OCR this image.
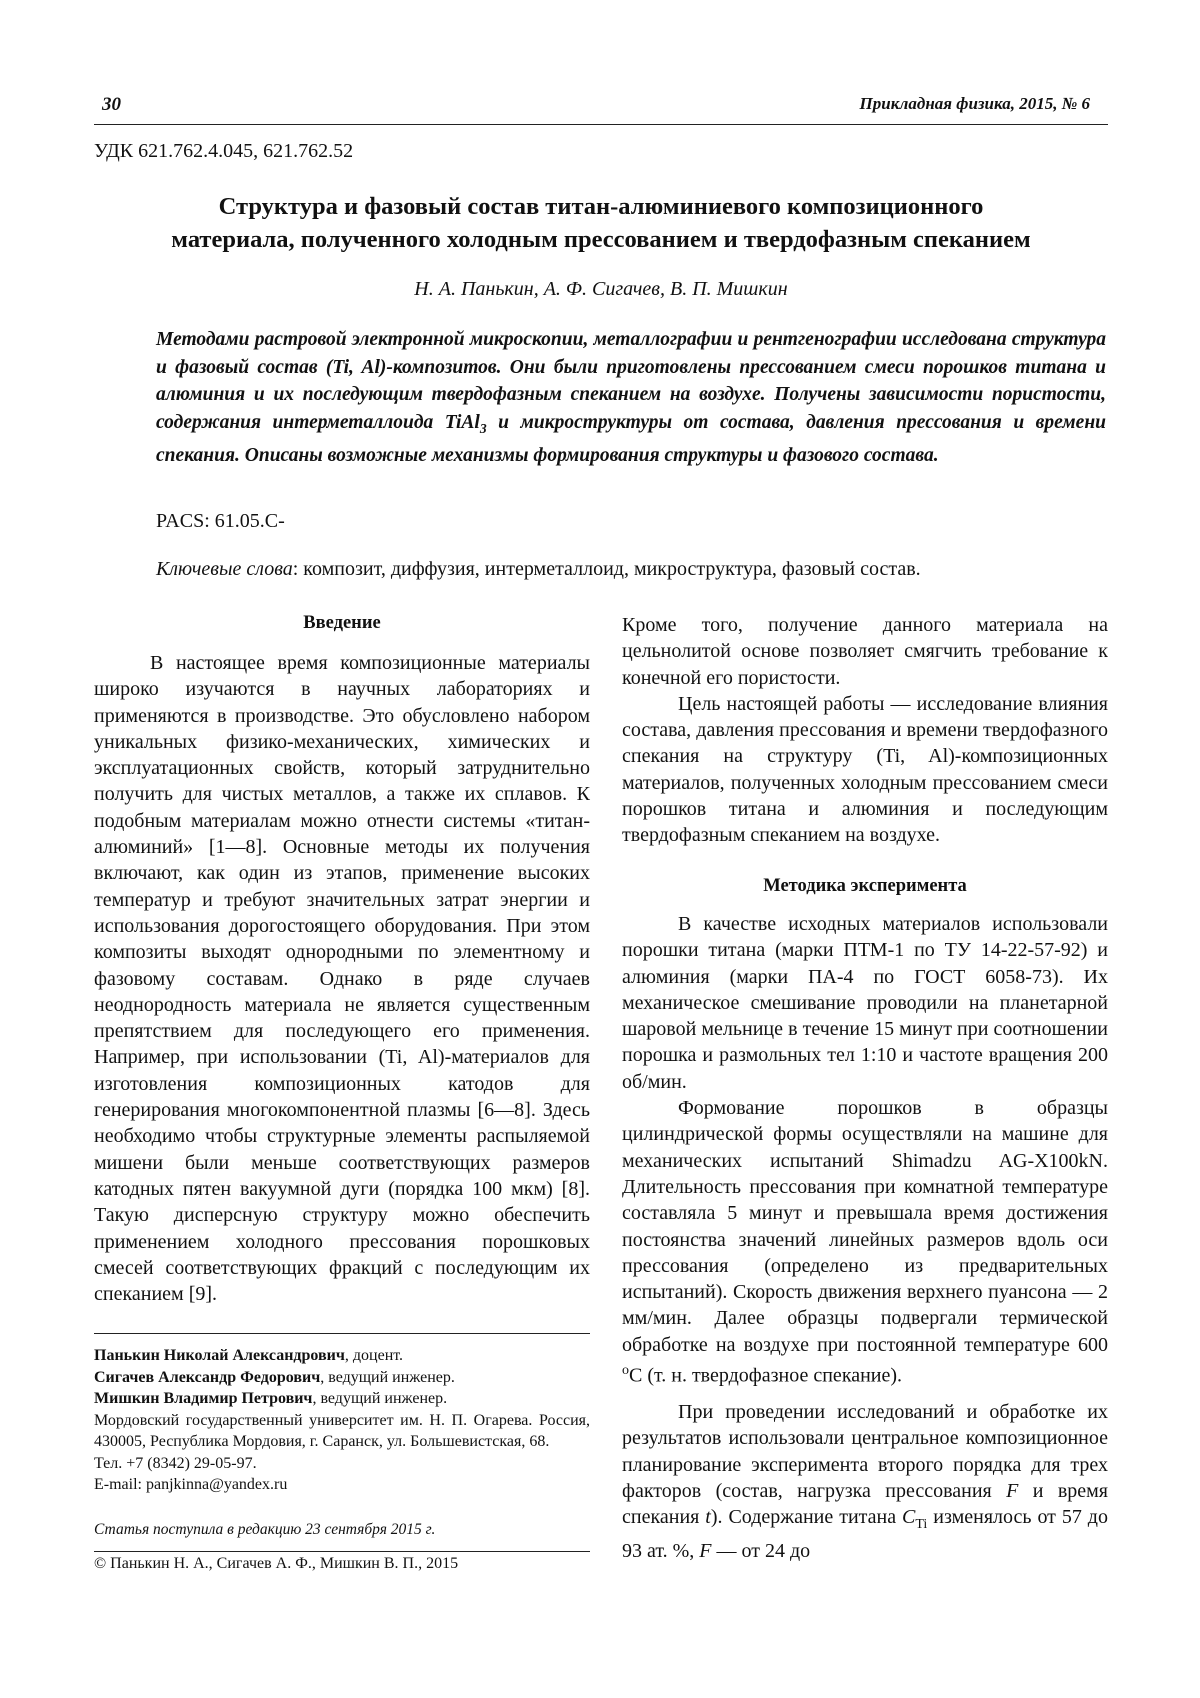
30	Прикладная физика, 2015, № 6
УДК 621.762.4.045, 621.762.52
Структура и фазовый состав титан-алюминиевого композиционного
материала, полученного холодным прессованием и твердофазным спеканием
Н. А. Панькин, А. Ф. Сигачев, В. П. Мишкин
Методами растровой электронной микроскопии, металлографии и рентгенографии исследована структура и фазовый состав (Ti, Al)-композитов. Они были приготовлены прессованием смеси порошков титана и алюминия и их последующим твердофазным спеканием на воздухе. Получены зависимости пористости, содержания интерметаллоида TiAl$_3$ и микроструктуры от состава, давления прессования и времени спекания. Описаны возможные механизмы формирования структуры и фазового состава.
PACS: 61.05.C-
Ключевые слова: композит, диффузия, интерметаллоид, микроструктура, фазовый состав.
Введение

В настоящее время композиционные материалы широко изучаются в научных лабораториях и применяются в производстве. Это обусловлено набором уникальных физико-механических, химических и эксплуатационных свойств, который затруднительно получить для чистых металлов, а также их сплавов. К подобным материалам можно отнести системы «титан-алюминий» [1—8]. Основные методы их получения включают, как один из этапов, применение высоких температур и требуют значительных затрат энергии и использования дорогостоящего оборудования. При этом композиты выходят однородными по элементному и фазовому составам. Однако в ряде случаев неоднородность материала не является существенным препятствием для последующего его применения. Например, при использовании (Ti, Al)-материалов для изготовления композиционных катодов для генерирования многокомпонентной плазмы [6—8]. Здесь необходимо чтобы структурные элементы распыляемой мишени были меньше соответствующих размеров катодных пятен вакуумной дуги (порядка 100 мкм) [8]. Такую дисперсную структуру можно обеспечить применением холодного прессования порошковых смесей соответствующих фракций с последующим их спеканием [9].

Кроме того, получение данного материала на цельнолитой основе позволяет смягчить требование к конечной его пористости.

Цель настоящей работы — исследование влияния состава, давления прессования и времени твердофазного спекания на структуру (Ti, Al)-композиционных материалов, полученных холодным прессованием смеси порошков титана и алюминия и последующим твердофазным спеканием на воздухе.

Методика эксперимента

В качестве исходных материалов использовали порошки титана (марки ПТМ-1 по ТУ 14-22-57-92) и алюминия (марки ПА-4 по ГОСТ 6058-73). Их механическое смешивание проводили на планетарной шаровой мельнице в течение 15 минут при соотношении порошка и размольных тел 1:10 и частоте вращения 200 об/мин.

Формование порошков в образцы цилиндрической формы осуществляли на машине для механических испытаний Shimadzu AG-X100kN. Длительность прессования при комнатной температуре составляла 5 минут и превышала время достижения постоянства значений линейных размеров вдоль оси прессования (определено из предварительных испытаний). Скорость движения верхнего пуансона — 2 мм/мин. Далее образцы подвергали термической обработке на воздухе при постоянной температуре 600 $^o$С (т. н. твердофазное спекание).

При проведении исследований и обработке их результатов использовали центральное композиционное планирование эксперимента второго порядка для трех факторов (состав, нагрузка прессования F и время спекания t). Содержание титана $C_{Ti}$ изменялось от 57 до 93 ат. %, F — от 24 до

Панькин Николай Александрович, доцент.
Сигачев Александр Федорович, ведущий инженер.
Мишкин Владимир Петрович, ведущий инженер.
Мордовский государственный университет им. Н. П. Огарева. Россия, 430005, Республика Мордовия, г. Саранск, ул. Большевистская, 68.
Тел. +7 (8342) 29-05-97.
E-mail: panjkinna@yandex.ru
Статья поступила в редакцию 23 сентября 2015 г.
© Панькин Н. А., Сигачев А. Ф., Мишкин В. П., 2015
